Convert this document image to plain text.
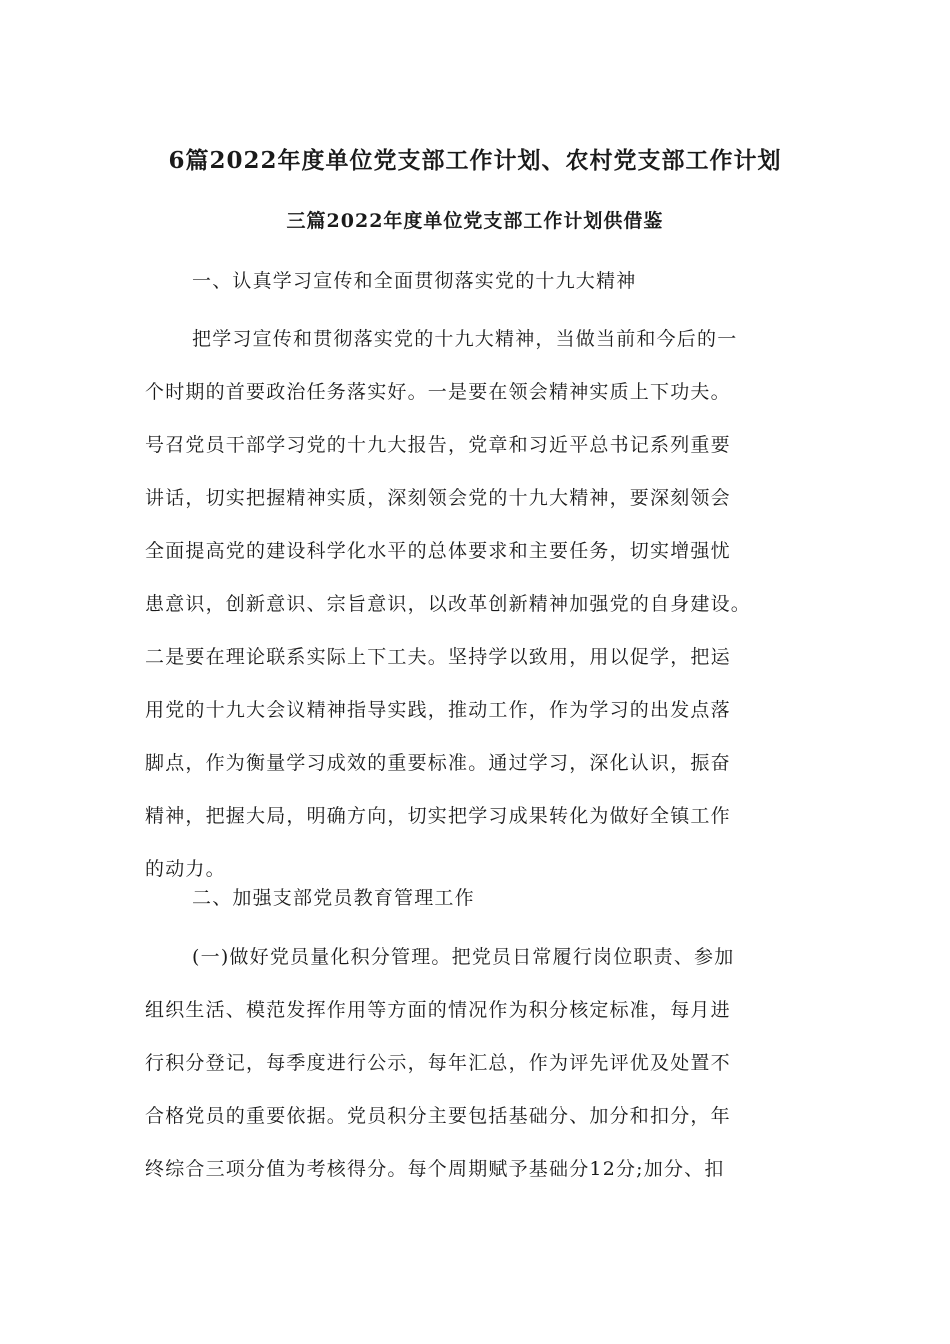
6篇2022年度单位党支部工作计划、农村党支部工作计划
三篇2022年度单位党支部工作计划供借鉴
一、认真学习宣传和全面贯彻落实党的十九大精神
把学习宣传和贯彻落实党的十九大精神，当做当前和今后的一
个时期的首要政治任务落实好。一是要在领会精神实质上下功夫。
号召党员干部学习党的十九大报告，党章和习近平总书记系列重要
讲话，切实把握精神实质，深刻领会党的十九大精神，要深刻领会
全面提高党的建设科学化水平的总体要求和主要任务，切实增强忧
患意识，创新意识、宗旨意识，以改革创新精神加强党的自身建设。
二是要在理论联系实际上下工夫。坚持学以致用，用以促学，把运
用党的十九大会议精神指导实践，推动工作，作为学习的出发点落
脚点，作为衡量学习成效的重要标准。通过学习，深化认识，振奋
精神，把握大局，明确方向，切实把学习成果转化为做好全镇工作
的动力。
二、加强支部党员教育管理工作
(一)做好党员量化积分管理。把党员日常履行岗位职责、参加
组织生活、模范发挥作用等方面的情况作为积分核定标准，每月进
行积分登记，每季度进行公示，每年汇总，作为评先评优及处置不
合格党员的重要依据。党员积分主要包括基础分、加分和扣分，年
终综合三项分值为考核得分。每个周期赋予基础分12分;加分、扣
